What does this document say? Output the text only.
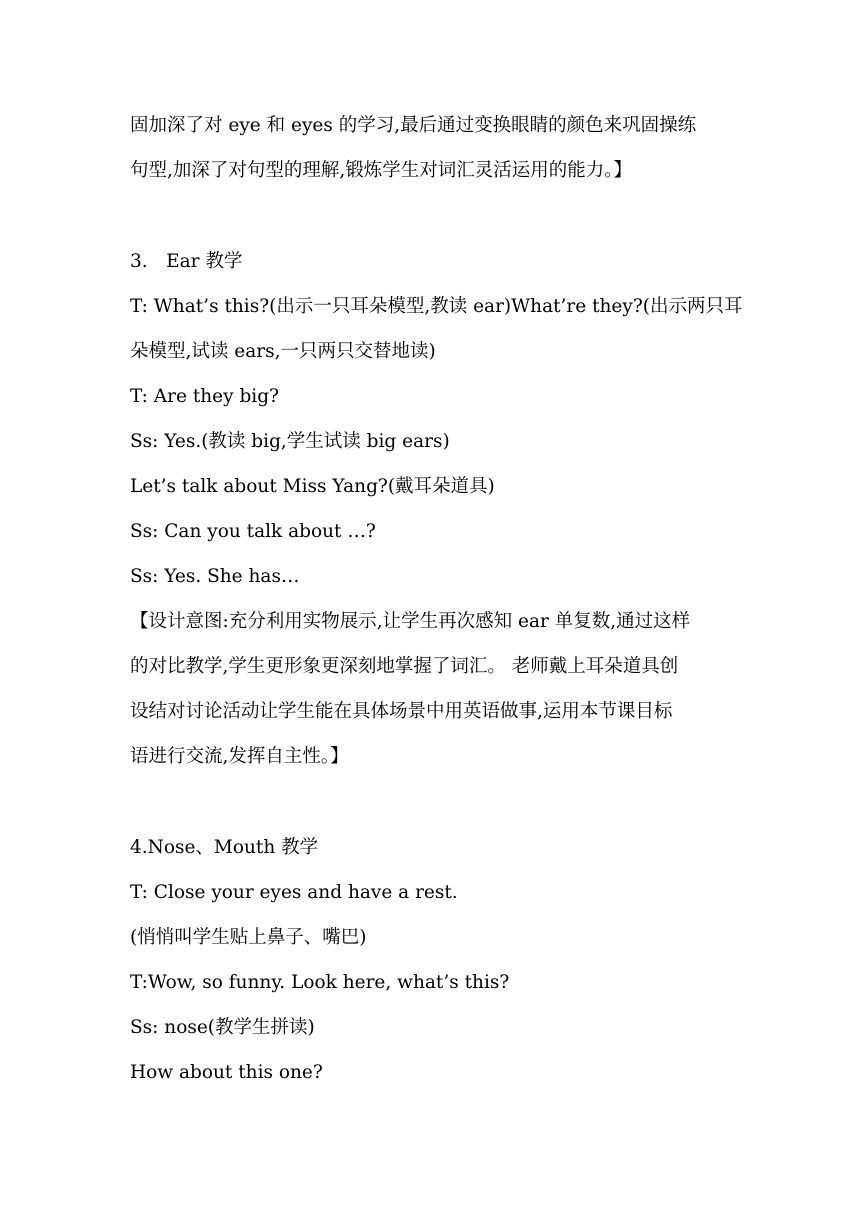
固加深了对 eye 和 eyes 的学习,最后通过变换眼睛的颜色来巩固操练
句型,加深了对句型的理解,锻炼学生对词汇灵活运用的能力。】
3.　Ear 教学
T: What’s this?(出示一只耳朵模型,教读 ear)What’re they?(出示两只耳
朵模型,试读 ears,一只两只交替地读)
T: Are they big?
Ss: Yes.(教读 big,学生试读 big ears)
Let’s talk about Miss Yang?(戴耳朵道具)
Ss: Can you talk about …?
Ss: Yes. She has…
【设计意图:充分利用实物展示,让学生再次感知 ear 单复数,通过这样
的对比教学,学生更形象更深刻地掌握了词汇。 老师戴上耳朵道具创
设结对讨论活动让学生能在具体场景中用英语做事,运用本节课目标
语进行交流,发挥自主性。】
4.Nose、Mouth 教学
T: Close your eyes and have a rest.
(悄悄叫学生贴上鼻子、嘴巴)
T:Wow, so funny. Look here, what’s this?
Ss: nose(教学生拼读)
How about this one?
